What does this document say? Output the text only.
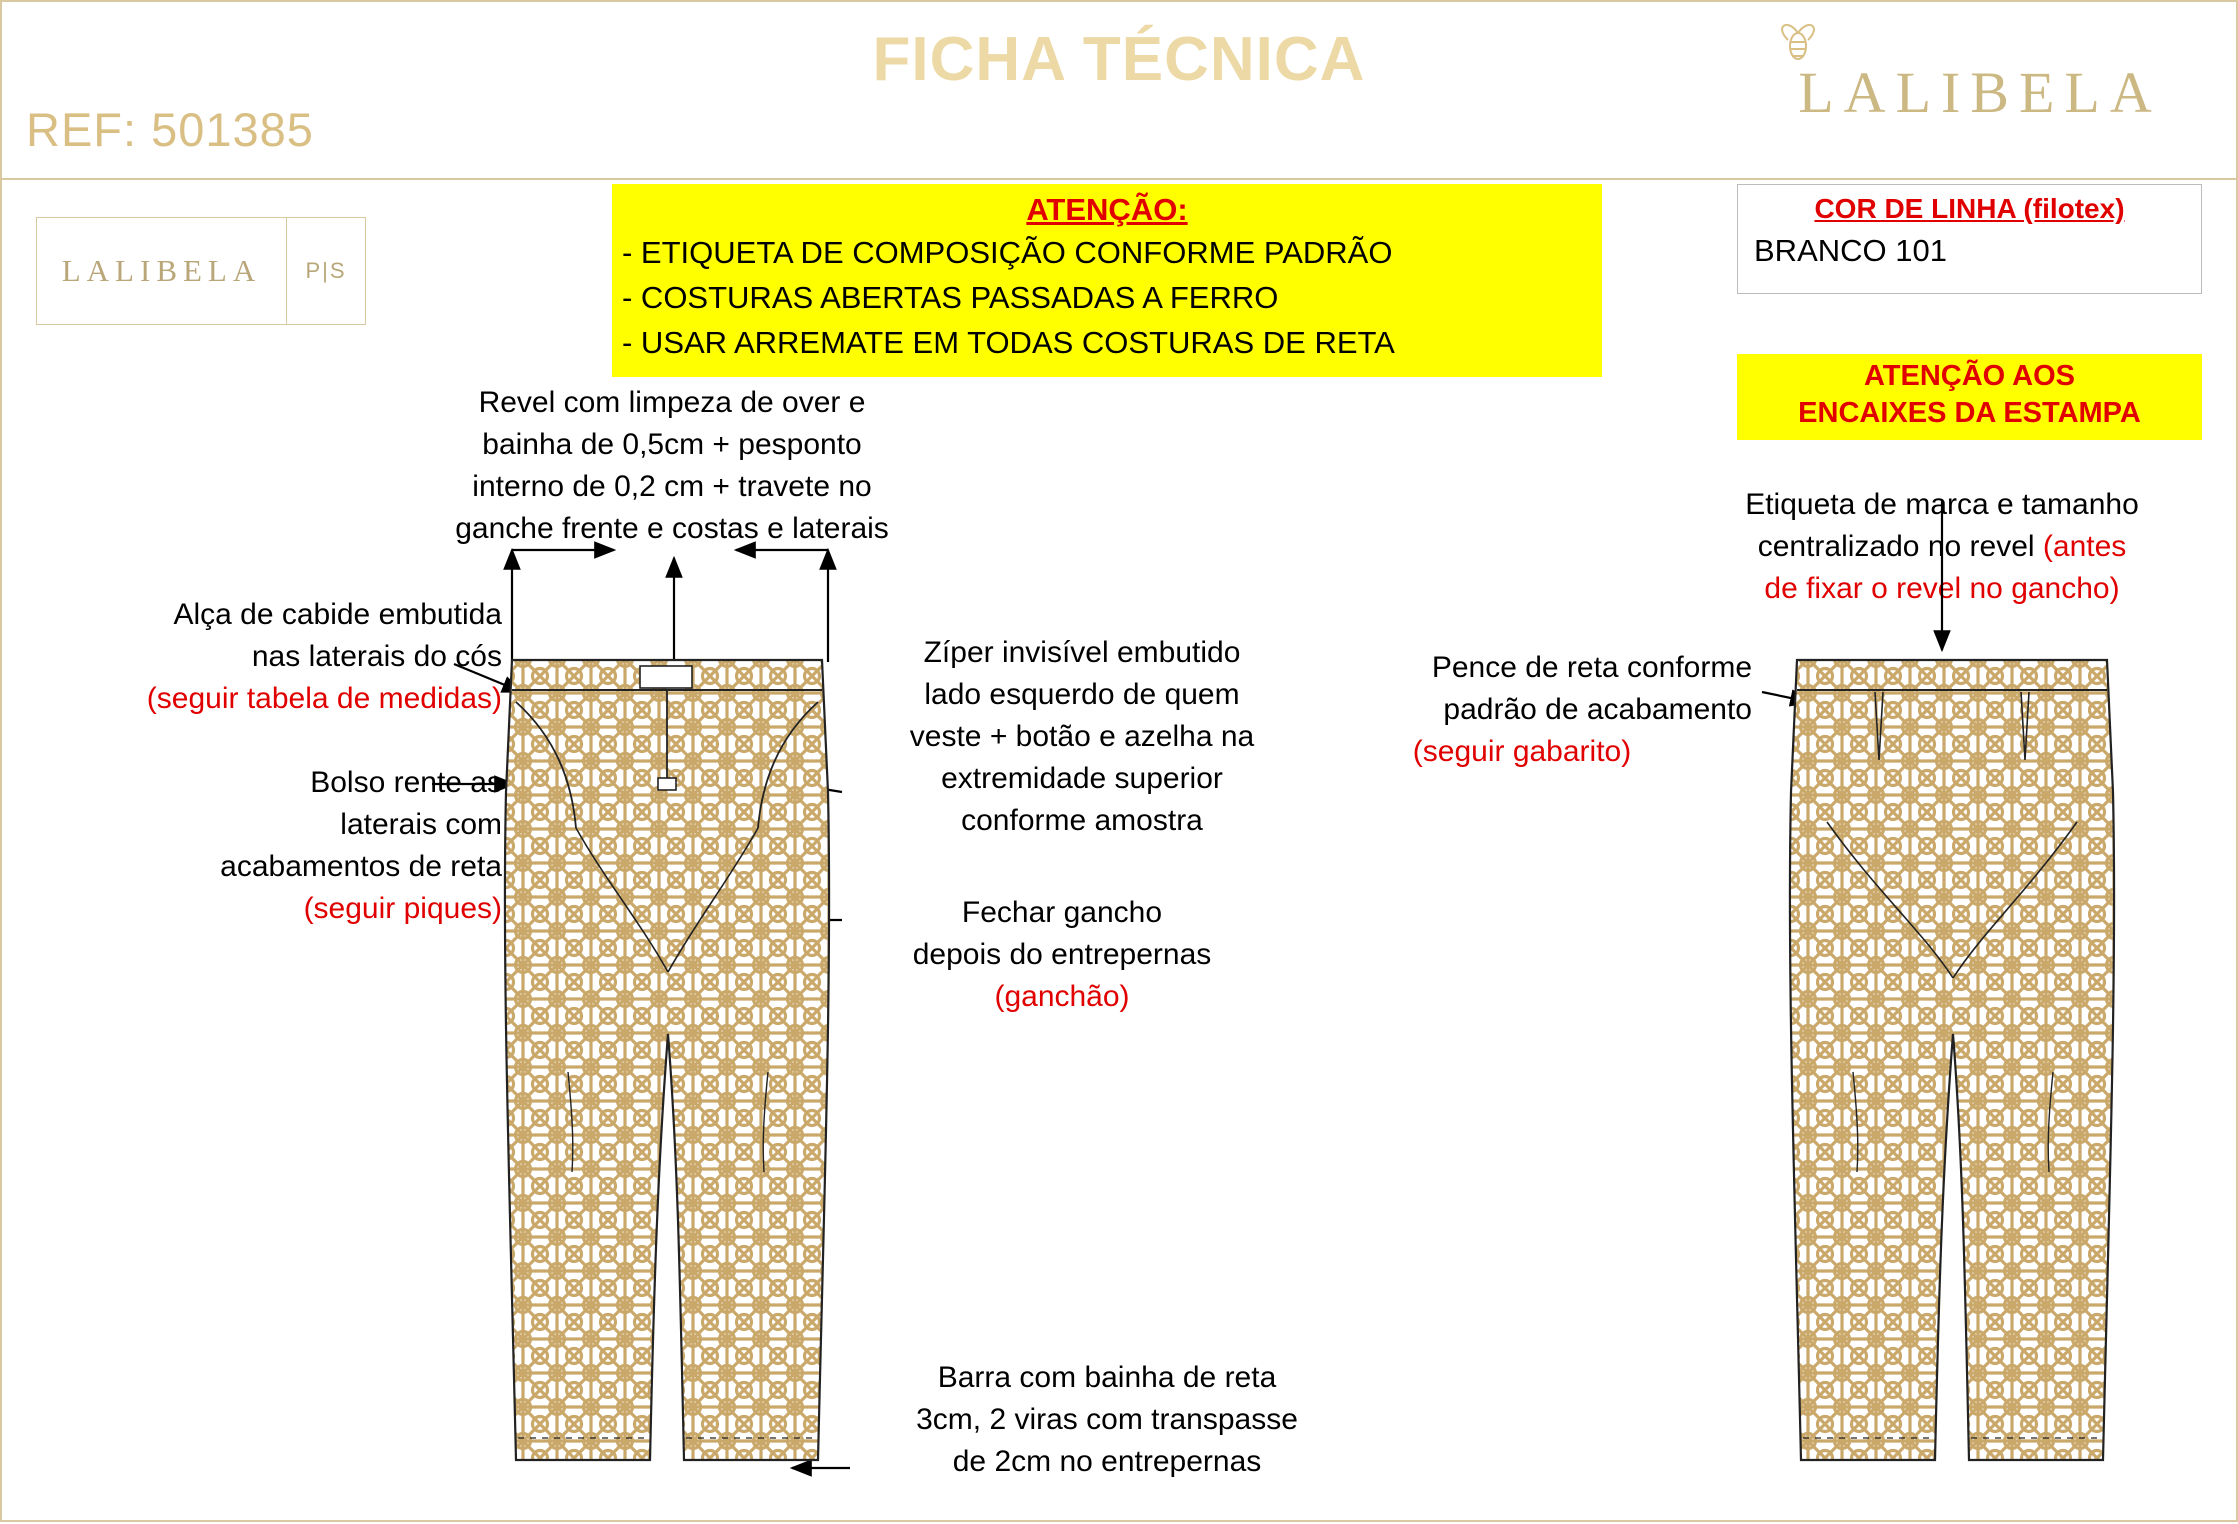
REF: 501385
FICHA TÉCNICA	LALIBELA
LALIBELA	P|S
ATENÇÃO:
- ETIQUETA DE COMPOSIÇÃO CONFORME PADRÃO
- COSTURAS ABERTAS PASSADAS A FERRO
- USAR ARREMATE EM TODAS COSTURAS DE RETA
COR DE LINHA (filotex)
BRANCO 101
ATENÇÃO AOS
ENCAIXES DA ESTAMPA
Revel com limpeza de over e
bainha de 0,5cm + pesponto
interno de 0,2 cm + travete no
ganche frente e costas e laterais
Alça de cabide embutida
nas laterais do cós
(seguir tabela de medidas)
Bolso rente as
laterais com
acabamentos de reta
(seguir piques)
Zíper invisível embutido
lado esquerdo de quem
veste + botão e azelha na
extremidade superior
conforme amostra
Fechar gancho
depois do entrepernas
(ganchão)
Barra com bainha de reta
3cm, 2 viras com transpasse
de 2cm no entrepernas
Etiqueta de marca e tamanho
centralizado no revel (antes
de fixar o revel no gancho)
Pence de reta conforme
padrão de acabamento
(seguir gabarito)
